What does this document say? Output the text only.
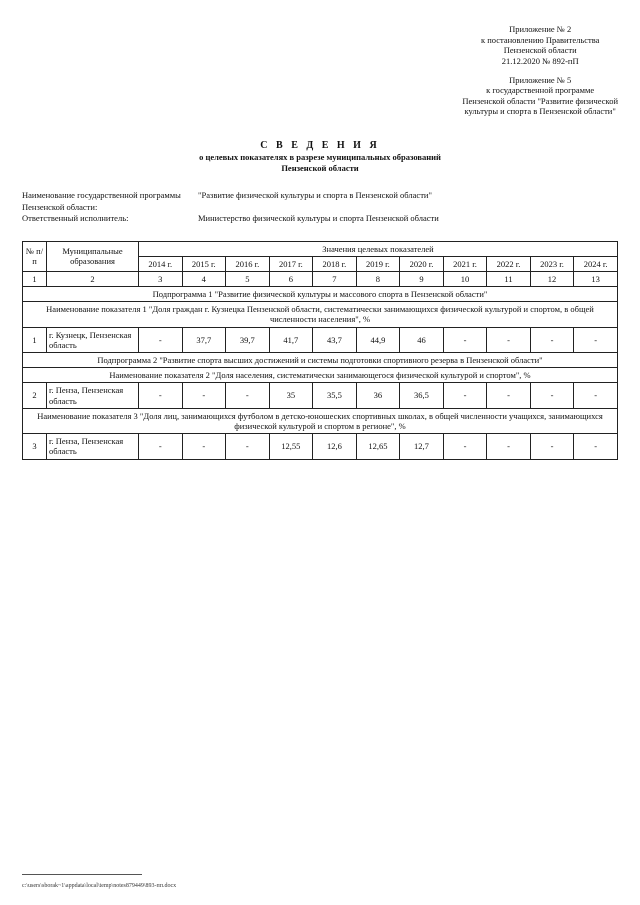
Приложение № 2
к постановлению Правительства
Пензенской области
21.12.2020 № 892-пП
Приложение № 5
к государственной программе
Пензенской области "Развитие физической
культуры и спорта в Пензенской области"
С В Е Д Е Н И Я
о целевых показателях в разрезе муниципальных образований
Пензенской области
Наименование государственной программы Пензенской области:
"Развитие физической культуры и спорта в Пензенской области"
Ответственный исполнитель:	Министерство физической культуры и спорта Пензенской области
№ п/п	Муниципальные образования	Значения целевых показателей										
		2014 г.	2015 г.	2016 г.	2017 г.	2018 г.	2019 г.	2020 г.	2021 г.	2022 г.	2023 г.	2024 г.
1	2	3	4	5	6	7	8	9	10	11	12	13
Подпрограмма 1 "Развитие физической культуры и массового спорта в Пензенской области"												
Наименование показателя 1 "Доля граждан г. Кузнецка Пензенской области, систематически занимающихся физической культурой и спортом, в общей численности населения", %												
1	г. Кузнецк, Пензенская область	-	37,7	39,7	41,7	43,7	44,9	46	-	-	-	-
Подпрограмма 2 "Развитие спорта высших достижений и системы подготовки спортивного резерва в Пензенской области"												
Наименование показателя 2 "Доля населения, систематически занимающегося физической культурой и спортом", %												
2	г. Пенза, Пензенская область	-	-	-	35	35,5	36	36,5	-	-	-	-
Наименование показателя 3 "Доля лиц, занимающихся футболом в детско-юношеских спортивных школах, в общей численности учащихся, занимающихся физической культурой и спортом в регионе", %												
3	г. Пенза, Пензенская область	-	-	-	12,55	12,6	12,65	12,7	-	-	-	-
c:\users\sborak~1\appdata\local\temp\notes879449\893-пп.docx
